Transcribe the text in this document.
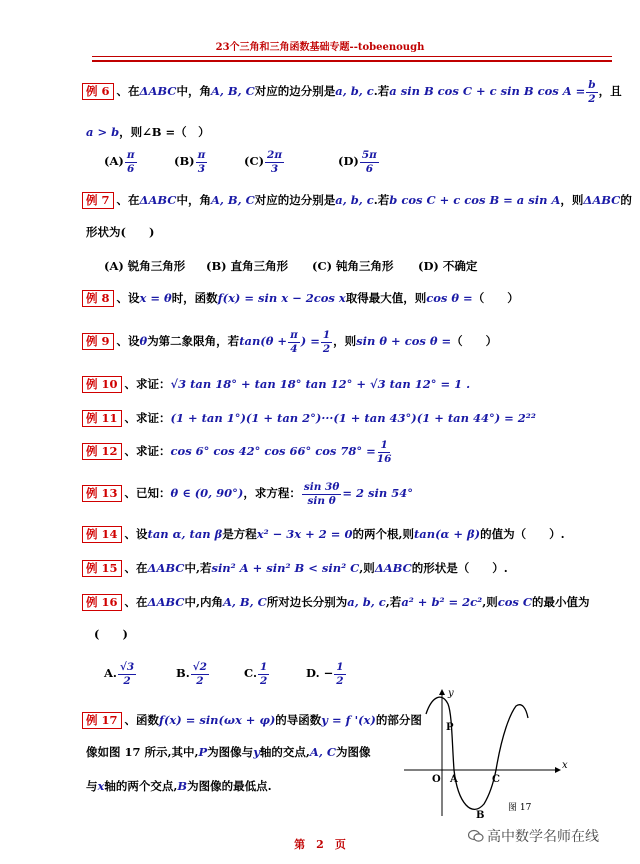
23个三角和三角函数基础专题--tobeenough
例 6 、在ΔABC中，角A, B, C对应的边分别是a, b, c.若a sin B cos C + c sin B $\cos A = \frac{b}{2}$ ，且
a > b，则∠B =（　）
$(A) \frac{\pi}{6}$	$(B) \frac{\pi}{3}$	$(C) \frac{2\pi}{3}$	$(D) \frac{5\pi}{6}$
例 7 、在ΔABC中，角A, B, C对应的边分别是a, b, c.若b cos C + c cos B = a sin A，则ΔABC的
形状为(　　)
(A) 锐角三角形 (B) 直角三角形 (C) 钝角三角形 (D) 不确定
例 8 、设x = θ时，函数f(x) = sin x − 2cos x取得最大值，则cos θ =（　　）
例 9 、设θ为第二象限角，若$\tan(\theta + \frac{\pi}{4}$ ) = $\frac{1}{2}$ ，则sin θ + cos θ =（　　）
例 10 、求证：√3 tan 18° + tan 18° tan 12° + √3 tan 12° = 1 .
例 11 、求证：(1 + tan 1°)(1 + tan 2°)···(1 + tan 43°)(1 + tan 44°) = 2²²
例 12 、求证：cos 6° cos 42° cos 66° $\cos 78^\circ = \frac{1}{16}$
例 13 、已知：θ ∈ (0, 90°)，求方程： $\frac{\sin 3\theta}{\text{sin θ}} = 2$ sin 54°
例 14 、设tan α, tan β是方程x² − 3x + 2 = 0的两个根,则tan(α + β)的值为（　　）.
例 15 、在ΔABC中,若sin² A + sin² B < sin² C,则ΔABC的形状是（　　）.
例 16 、在ΔABC中,内角A, B, C所对边长分别为a, b, c,若a² + b² = 2c²,则cos C的最小值为
(　　)
A. $\frac{√3}{2}$	B. $\frac{√2}{2}$	C. $\frac{1}{2}$	D. − $\frac{1}{2}$
例 17 、函数f(x) = sin(ωx + φ)的导函数y = f '(x)的部分图
像如图 17 所示,其中,P为图像与y轴的交点,A, C为图像
与x轴的两个交点,B为图像的最低点.
y
x
O
P
A	C
B
图 17
高中数学名师在线
第　2　页
